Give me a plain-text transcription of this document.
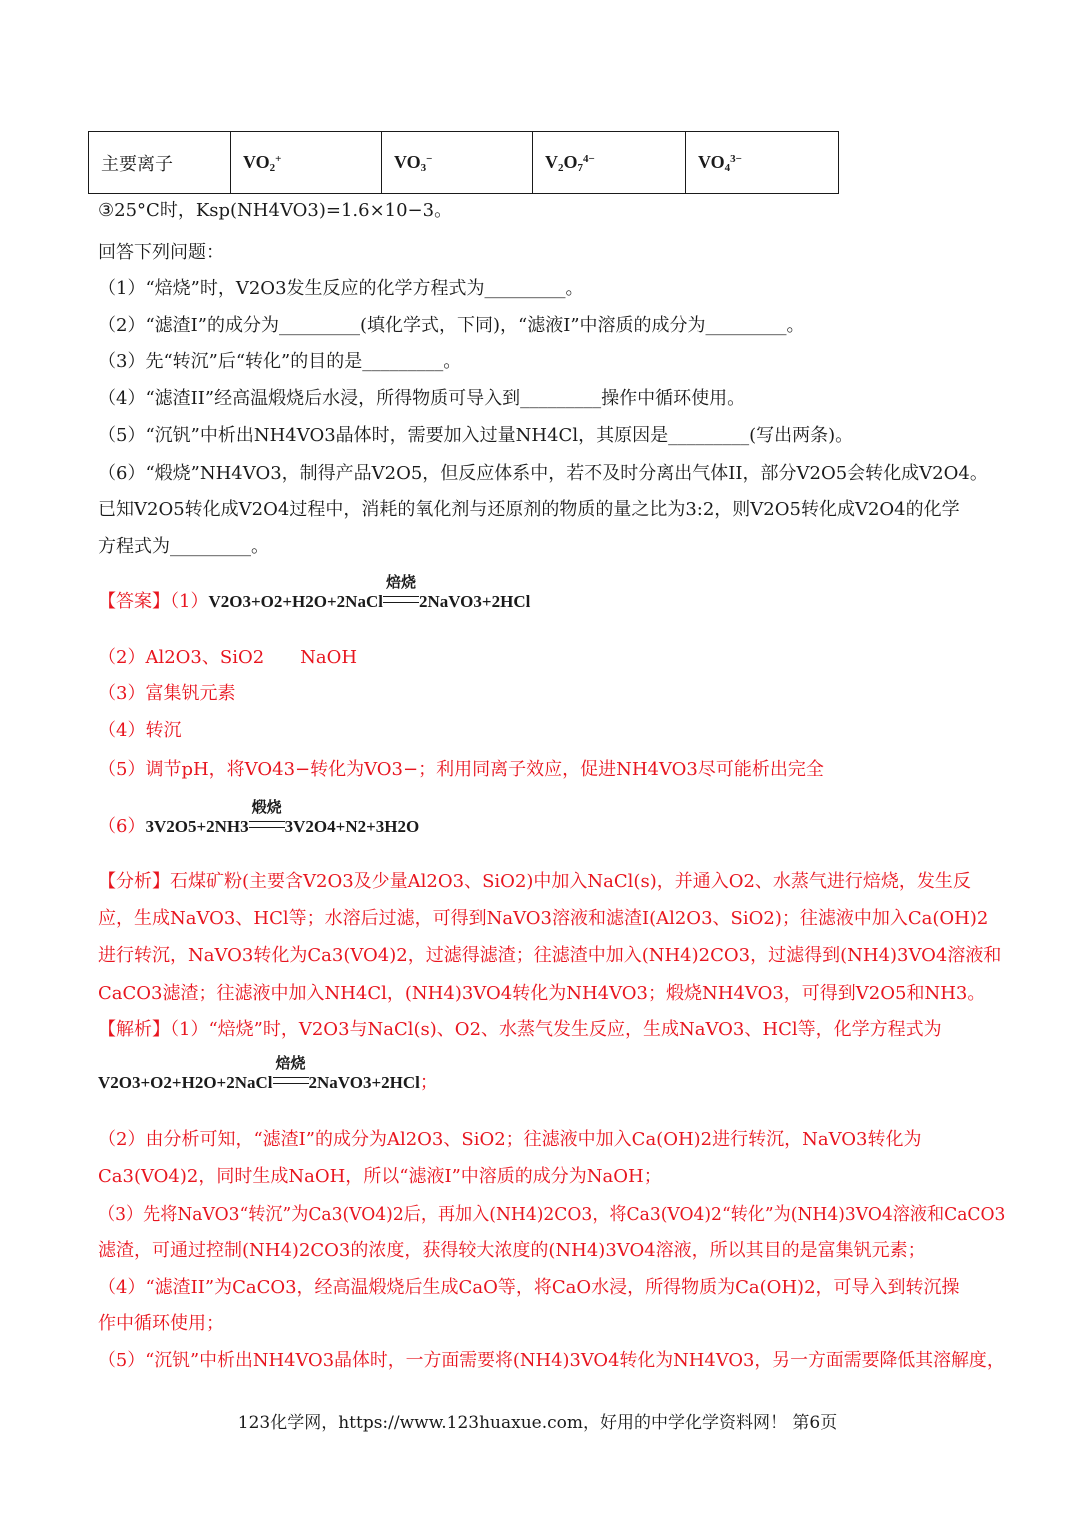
主要离子	$VO_2^+$	$VO_3^-$	$V_2O_7^{4-}$	$VO_4^{3-}$
③25°C时，Ksp(NH4VO3)=1.6×10−3。
回答下列问题：
（1）“焙烧”时，V2O3发生反应的化学方程式为_________。
（2）“滤渣I”的成分为_________(填化学式，下同)，“滤液I”中溶质的成分为_________。
（3）先“转沉”后“转化”的目的是_________。
（4）“滤渣II”经高温煅烧后水浸，所得物质可导入到_________操作中循环使用。
（5）“沉钒”中析出NH4VO3晶体时，需要加入过量NH4Cl，其原因是_________(写出两条)。
（6）“煅烧”NH4VO3，制得产品V2O5，但反应体系中，若不及时分离出气体II，部分V2O5会转化成V2O4。
已知V2O5转化成V2O4过程中，消耗的氧化剂与还原剂的物质的量之比为3:2，则V2O5转化成V2O4的化学
方程式为_________。
【答案】（1）V2O3+O2+H2O+2NaCl
焙烧
2NaVO3+2HCl
（2）Al2O3、SiO2　　NaOH
（3）富集钒元素
（4）转沉
（5）调节pH，将VO43−转化为VO3−；利用同离子效应，促进NH4VO3尽可能析出完全
（6）3V2O5+2NH3
煅烧
3V2O4+N2+3H2O
【分析】石煤矿粉(主要含V2O3及少量Al2O3、SiO2)中加入NaCl(s)，并通入O2、水蒸气进行焙烧，发生反
应，生成NaVO3、HCl等；水溶后过滤，可得到NaVO3溶液和滤渣I(Al2O3、SiO2)；往滤液中加入Ca(OH)2
进行转沉，NaVO3转化为Ca3(VO4)2，过滤得滤渣；往滤渣中加入(NH4)2CO3，过滤得到(NH4)3VO4溶液和
CaCO3滤渣；往滤液中加入NH4Cl，(NH4)3VO4转化为NH4VO3；煅烧NH4VO3，可得到V2O5和NH3。
【解析】（1）“焙烧”时，V2O3与NaCl(s)、O2、水蒸气发生反应，生成NaVO3、HCl等，化学方程式为
V2O3+O2+H2O+2NaCl
焙烧
2NaVO3+2HCl；
（2）由分析可知，“滤渣I”的成分为Al2O3、SiO2；往滤液中加入Ca(OH)2进行转沉，NaVO3转化为
Ca3(VO4)2，同时生成NaOH，所以“滤液I”中溶质的成分为NaOH；
（3）先将NaVO3“转沉”为Ca3(VO4)2后，再加入(NH4)2CO3，将Ca3(VO4)2“转化”为(NH4)3VO4溶液和CaCO3
滤渣，可通过控制(NH4)2CO3的浓度，获得较大浓度的(NH4)3VO4溶液，所以其目的是富集钒元素；
（4）“滤渣II”为CaCO3，经高温煅烧后生成CaO等，将CaO水浸，所得物质为Ca(OH)2，可导入到转沉操
作中循环使用；
（5）“沉钒”中析出NH4VO3晶体时，一方面需要将(NH4)3VO4转化为NH4VO3，另一方面需要降低其溶解度，
123化学网，https://www.123huaxue.com，好用的中学化学资料网！ 第6页
